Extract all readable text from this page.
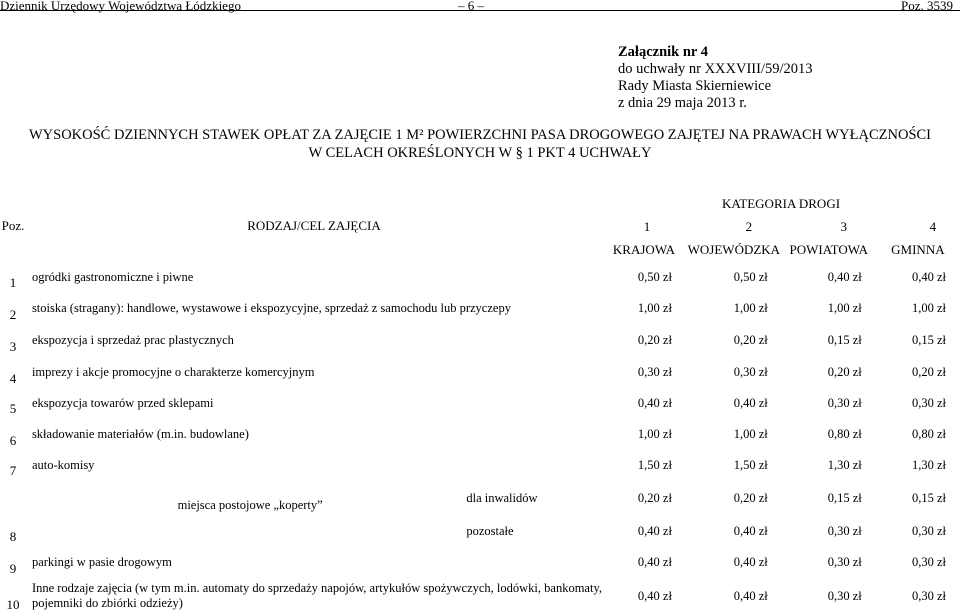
Dziennik Urzędowy Województwa Łódzkiego	– 6 –	Poz. 3539
Załącznik nr 4
do uchwały nr XXXVIII/59/2013
Rady Miasta Skierniewice
z dnia 29 maja 2013 r.
WYSOKOŚĆ DZIENNYCH STAWEK OPŁAT ZA ZAJĘCIE 1 M² POWIERZCHNI PASA DROGOWEGO ZAJĘTEJ NA PRAWACH WYŁĄCZNOŚCI
W CELACH OKREŚLONYCH W § 1 PKT 4 UCHWAŁY
			KATEGORIA DROGI			
Poz.	RODZAJ/CEL ZAJĘCIA		1	2	3	4
			KRAJOWA	WOJEWÓDZKA	POWIATOWA	GMINNA
1	ogródki gastronomiczne i piwne		0,50 zł	0,50 zł	0,40 zł	0,40 zł
2	stoiska (stragany): handlowe, wystawowe i ekspozycyjne, sprzedaż z samochodu lub przyczepy		1,00 zł	1,00 zł	1,00 zł	1,00 zł
3	ekspozycja i sprzedaż prac plastycznych		0,20 zł	0,20 zł	0,15 zł	0,15 zł
4	imprezy i akcje promocyjne o charakterze komercyjnym		0,30 zł	0,30 zł	0,20 zł	0,20 zł
5	ekspozycja towarów przed sklepami		0,40 zł	0,40 zł	0,30 zł	0,30 zł
6	składowanie materiałów (m.in. budowlane)		1,00 zł	1,00 zł	0,80 zł	0,80 zł
7	auto-komisy		1,50 zł	1,50 zł	1,30 zł	1,30 zł
8	miejsca postojowe „koperty”	dla inwalidów	0,20 zł	0,20 zł	0,15 zł	0,15 zł
		pozostałe	0,40 zł	0,40 zł	0,30 zł	0,30 zł
9	parkingi w pasie drogowym		0,40 zł	0,40 zł	0,30 zł	0,30 zł
10	Inne rodzaje zajęcia (w tym m.in. automaty do sprzedaży napojów, artykułów spożywczych, lodówki, bankomaty,
pojemniki do zbiórki odzieży)		0,40 zł	0,40 zł	0,30 zł	0,30 zł
